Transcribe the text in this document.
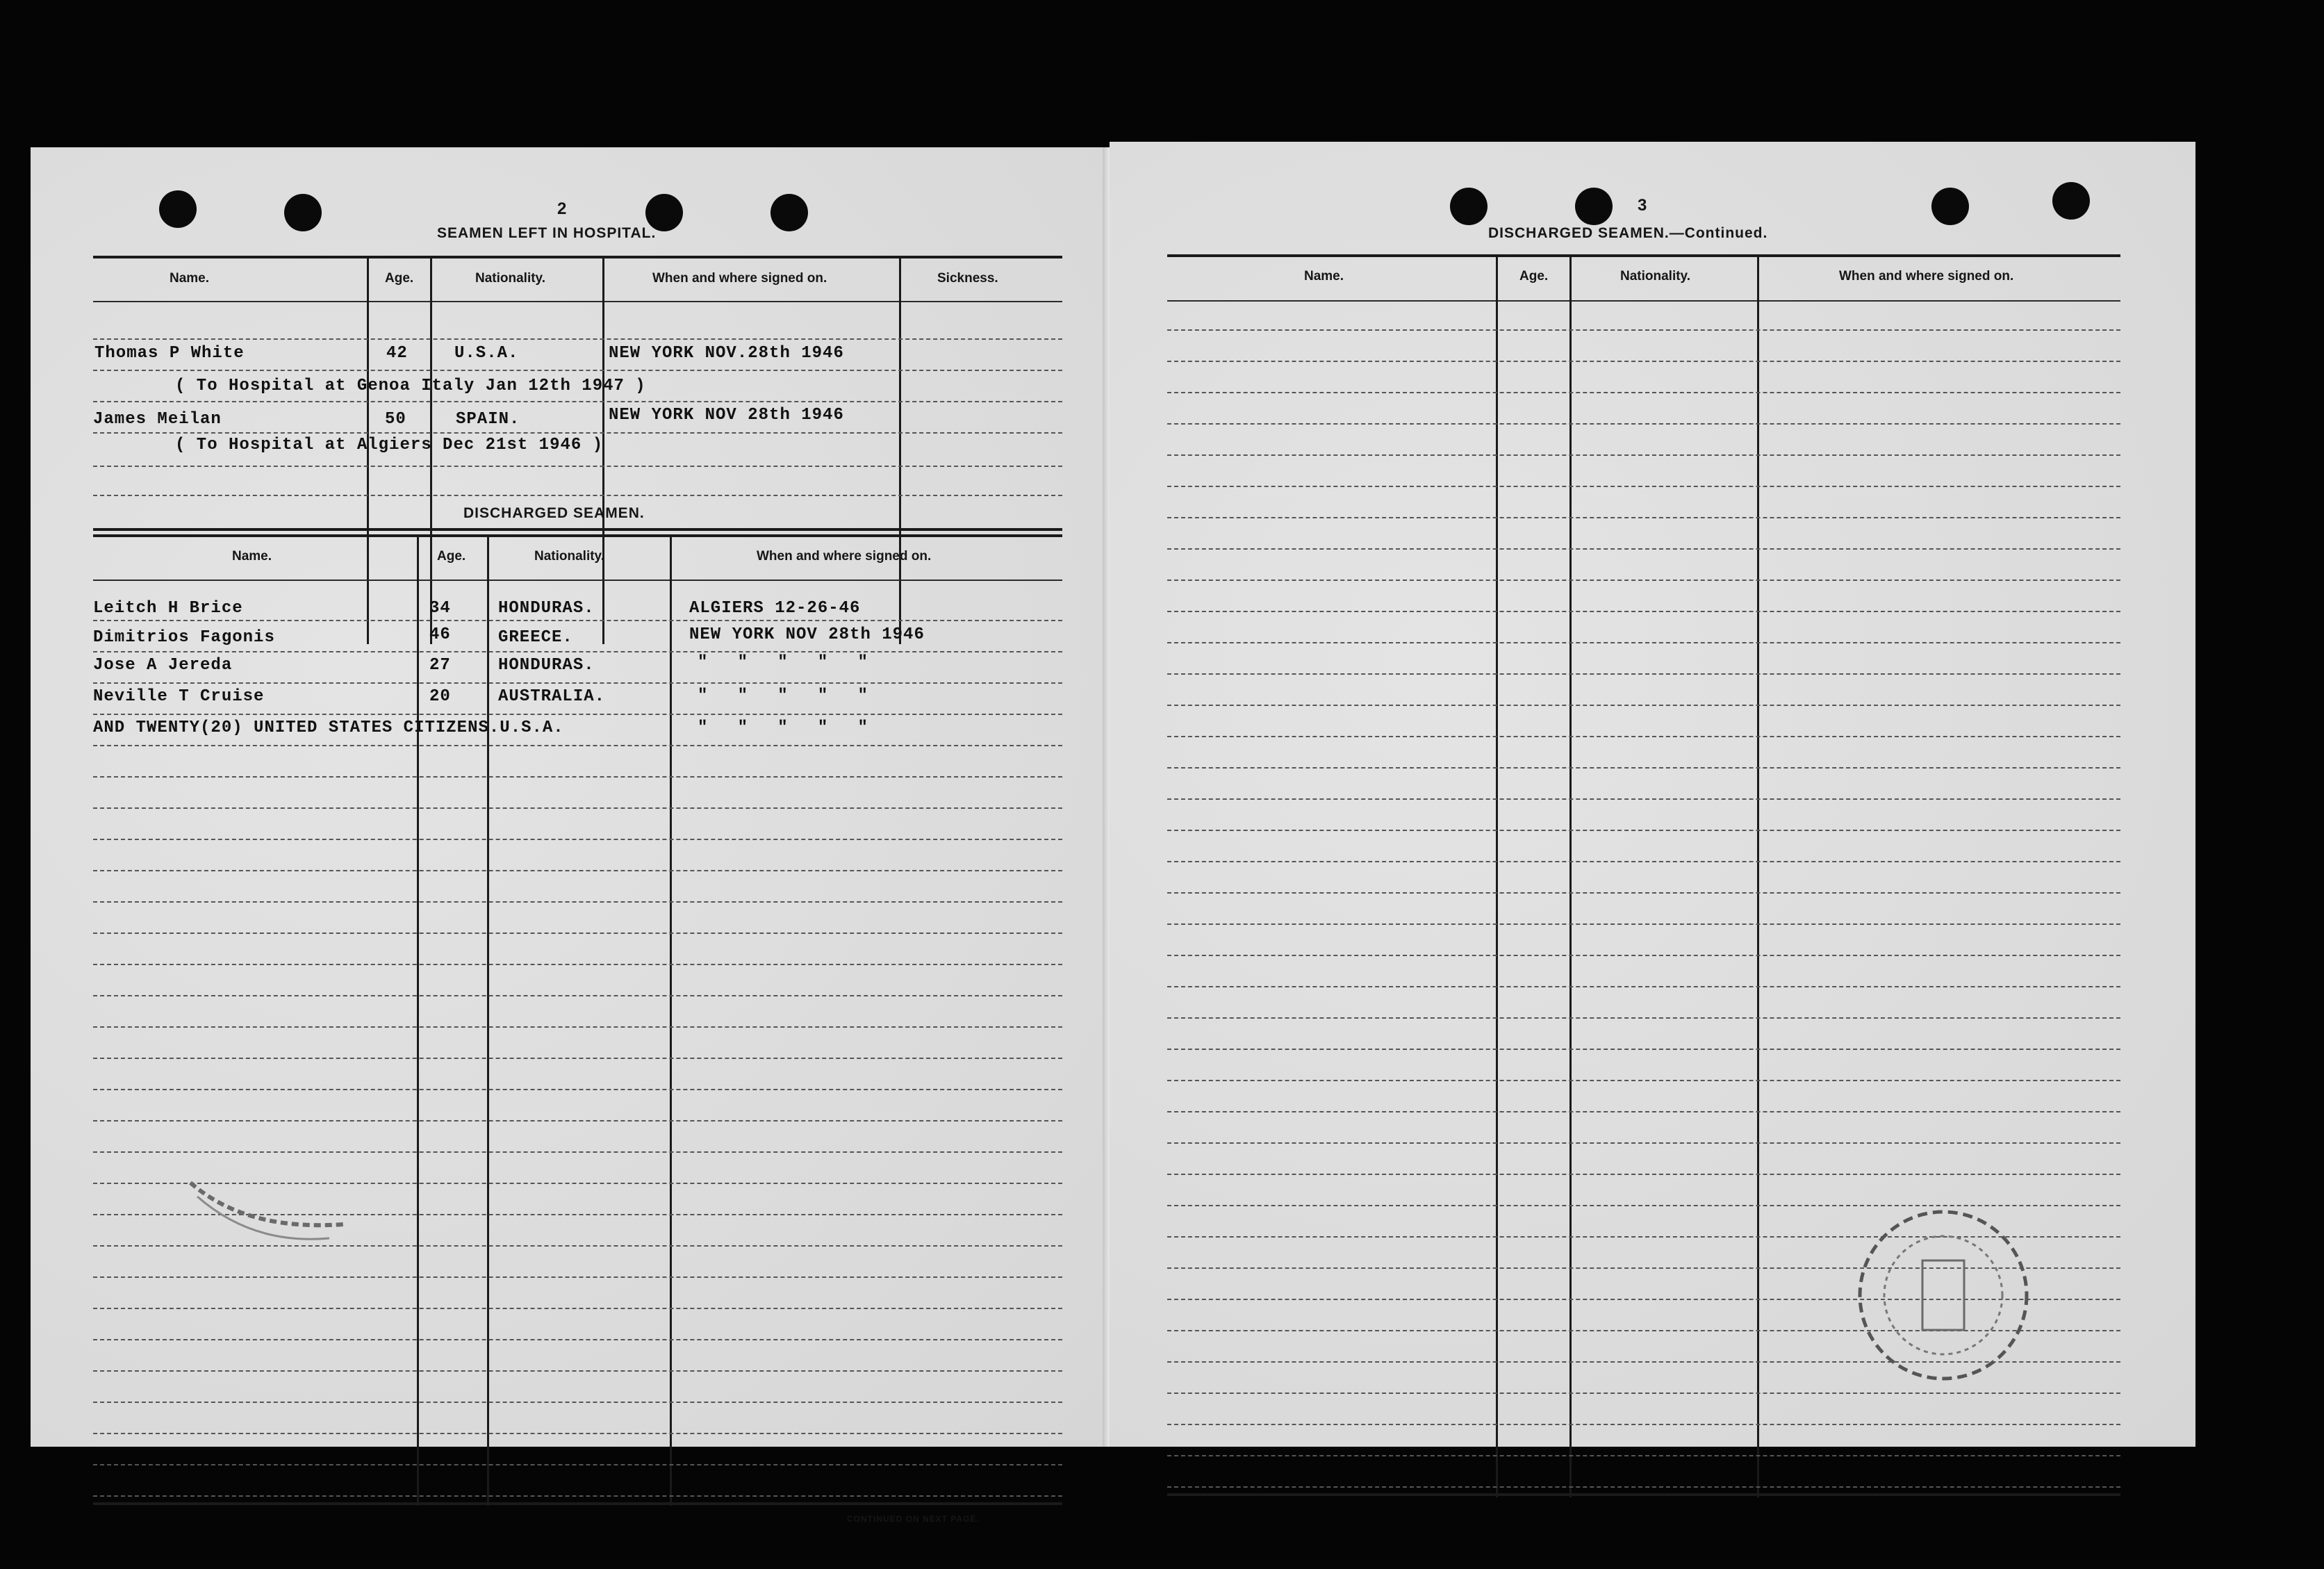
2
SEAMEN LEFT IN HOSPITAL.
Name.	Age.	Nationality.	When and where signed on.	Sickness.
Thomas P White	42	U.S.A.	NEW YORK NOV.28th 1946
( To Hospital at Genoa Italy Jan 12th 1947 )
James Meilan	50	SPAIN.	NEW YORK NOV 28th 1946
( To Hospital at Algiers Dec 21st 1946 )
DISCHARGED SEAMEN.
Name.	Age.	Nationality.	When and where signed on.
Leitch H Brice	34	HONDURAS.	ALGIERS 12-26-46
Dimitrios Fagonis	46	GREECE.	NEW YORK NOV 28th 1946
Jose A Jereda	27	HONDURAS.	"   "   "   "   "
Neville T Cruise	20	AUSTRALIA.	"   "   "   "   "
AND TWENTY(20) UNITED STATES CITIZENS.U.S.A.	"   "   "   "   "
CONTINUED ON NEXT PAGE.
3
DISCHARGED SEAMEN.—Continued.
Name.	Age.	Nationality.	When and where signed on.
